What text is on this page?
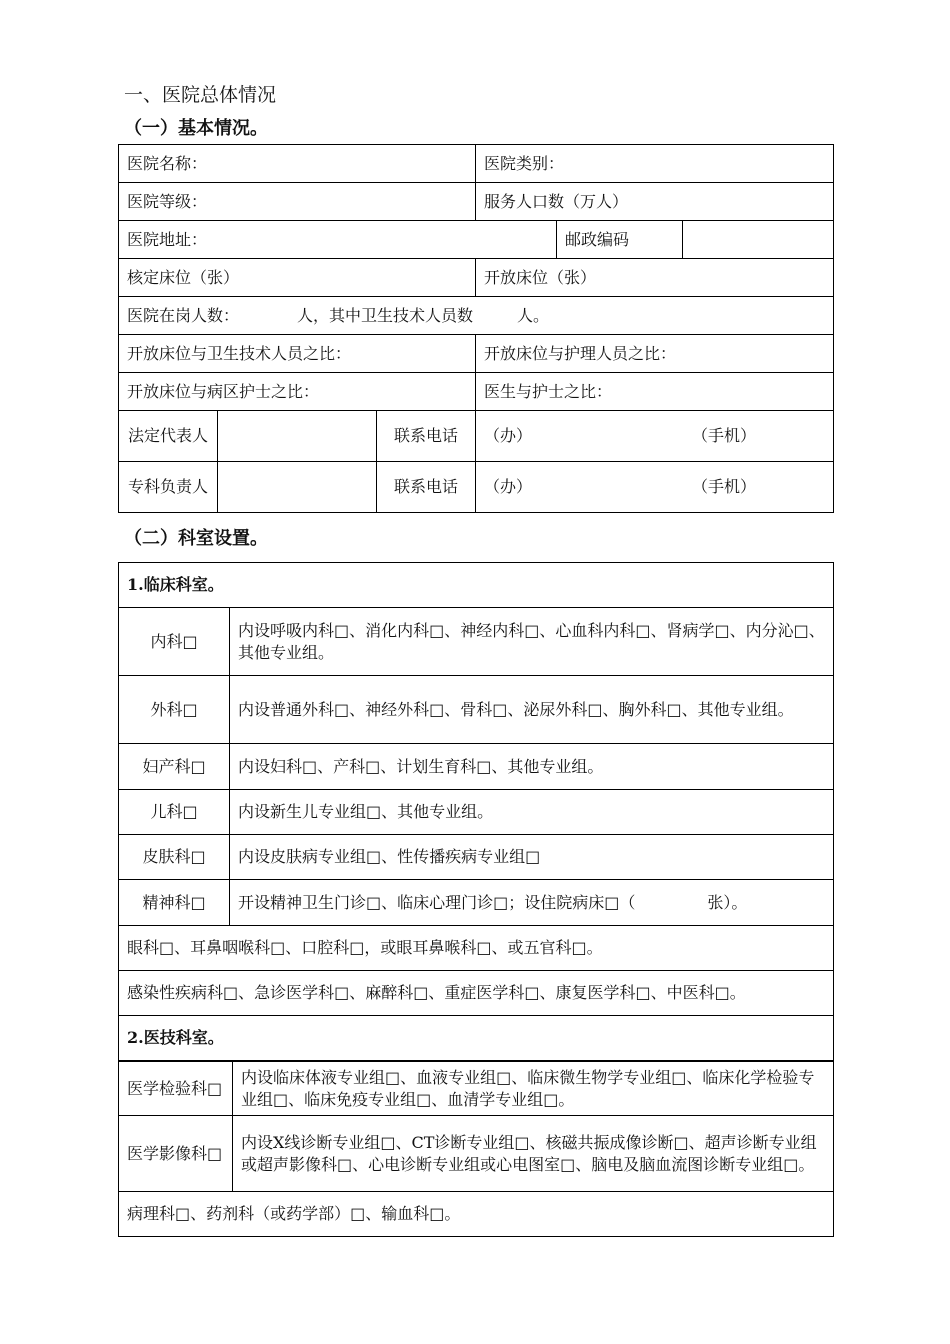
一、医院总体情况
（一）基本情况。
医院名称：			医院类别：		
医院等级：			服务人口数（万人）		
医院地址：				邮政编码	
核定床位（张）			开放床位（张）		
医院在岗人数： 人，其中卫生技术人员数 人。					
开放床位与卫生技术人员之比：			开放床位与护理人员之比：		
开放床位与病区护士之比：			医生与护士之比：		
法定代表人		联系电话	（办） （手机）		
专科负责人		联系电话	（办） （手机）		
（二）科室设置。
1.临床科室。	
内科□	内设呼吸内科□、消化内科□、神经内科□、心血科内科□、肾病学□、内分沁□、其他专业组。
外科□	内设普通外科□、神经外科□、骨科□、泌尿外科□、胸外科□、其他专业组。
妇产科□	内设妇科□、产科□、计划生育科□、其他专业组。
儿科□	内设新生儿专业组□、其他专业组。
皮肤科□	内设皮肤病专业组□、性传播疾病专业组□
精神科□	开设精神卫生门诊□、临床心理门诊□；设住院病床□（ 张）。
眼科□、耳鼻咽喉科□、口腔科□，或眼耳鼻喉科□、或五官科□。	
感染性疾病科□、急诊医学科□、麻醉科□、重症医学科□、康复医学科□、中医科□。	
2.医技科室。	
医学检验科□	内设临床体液专业组□、血液专业组□、临床微生物学专业组□、临床化学检验专业组□、临床免疫专业组□、血清学专业组□。
医学影像科□	内设X线诊断专业组□、CT诊断专业组□、核磁共振成像诊断□、超声诊断专业组或超声影像科□、心电诊断专业组或心电图室□、脑电及脑血流图诊断专业组□。
病理科□、药剂科（或药学部）□、输血科□。	
